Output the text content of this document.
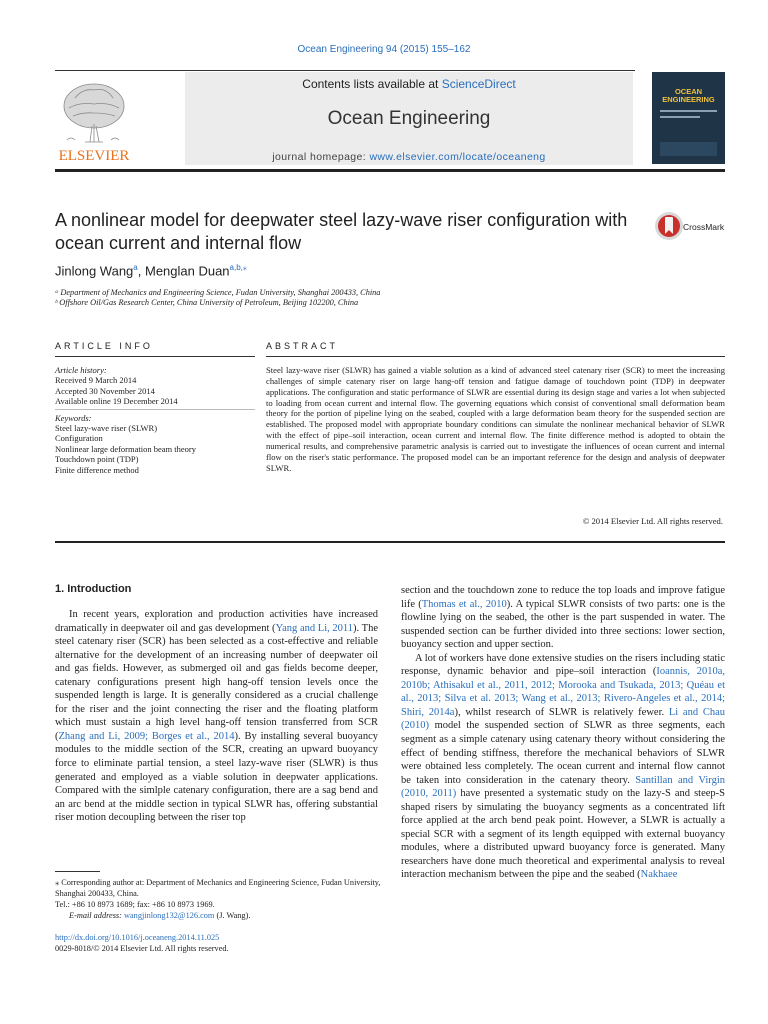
Ocean Engineering 94 (2015) 155–162
ELSEVIER
Contents lists available at ScienceDirect
Ocean Engineering
journal homepage: www.elsevier.com/locate/oceaneng
OCEAN
ENGINEERING
A nonlinear model for deepwater steel lazy-wave riser configuration with ocean current and internal flow
CrossMark
Jinlong Wang$^a$, Menglan Duan$^{a,b,⁎}$
ᵃ Department of Mechanics and Engineering Science, Fudan University, Shanghai 200433, China
ᵇ Offshore Oil/Gas Research Center, China University of Petroleum, Beijing 102200, China
ARTICLE INFO
Article history:
Received 9 March 2014
Accepted 30 November 2014
Available online 19 December 2014
Keywords:
Steel lazy-wave riser (SLWR)
Configuration
Nonlinear large deformation beam theory
Touchdown point (TDP)
Finite difference method
ABSTRACT
Steel lazy-wave riser (SLWR) has gained a viable solution as a kind of advanced steel catenary riser (SCR) to meet the increasing challenges of simple catenary riser on large hang-off tension and fatigue damage of touchdown point (TDP) in deepwater applications. The configuration and static performance of SLWR are essential during its design stage and varies a lot when subjected to loading from ocean current and internal flow. The governing equations which consist of conventional small deformation beam theory for the portion of pipeline lying on the seabed, coupled with a large deformation beam theory for the suspended section are established. The proposed model with appropriate boundary conditions can simulate the nonlinear mechanical behavior of SLWR with the effect of pipe–soil interaction, ocean current and internal flow. The finite difference method is adopted to obtain the numerical results, and comprehensive parametric analysis is carried out to investigate the influences of ocean current and internal flow on the riser's static performance. The proposed model can be an important reference for the design and analysis of deepwater SLWR.
© 2014 Elsevier Ltd. All rights reserved.
1. Introduction

In recent years, exploration and production activities have increased dramatically in deepwater oil and gas development (Yang and Li, 2011). The steel catenary riser (SCR) has been selected as a cost-effective and reliable alternative for the development of an increasing number of deepwater oil and gas fields. However, as submerged oil and gas fields become deeper, catenary configurations present high hang-off tension levels once the suspended length is large. It is generally considered as a crucial challenge for the riser and the joint connecting the riser and the floating platform which must sustain a high level hang-off tension transferred from SCR (Zhang and Li, 2009; Borges et al., 2014). By installing several buoyancy modules to the middle section of the SCR, creating an upward buoyancy force to eliminate partial tension, a steel lazy-wave riser (SLWR) is thus generated and employed as a viable solution in deepwater applications. Compared with the simlple catenary configuration, there are a sag bend and an arc bend at the middle section in typical SLWR has, offering substantial riser motion decoupling between the riser top

section and the touchdown zone to reduce the top loads and improve fatigue life (Thomas et al., 2010). A typical SLWR consists of two parts: one is the flowline lying on the seabed, the other is the part suspended in water. The suspended section can be further divided into three sections: lower section, buoyancy section and upper section.

A lot of workers have done extensive studies on the risers including static response, dynamic behavior and pipe–soil interaction (Ioannis, 2010a, 2010b; Athisakul et al., 2011, 2012; Morooka and Tsukada, 2013; Quéau et al., 2013; Silva et al. 2013; Wang et al., 2013; Rivero-Angeles et al., 2014; Shiri, 2014a), whilst research of SLWR is relatively fewer. Li and Chau (2010) model the suspended section of SLWR as three segments, each segment as a simple catenary using catenary theory without considering the effect of bending stiffness, therefore the mechanical behaviors of SLWR were obtained less completely. The ocean current and internal flow cannot be taken into consideration in the catenary theory. Santillan and Virgin (2010, 2011) have presented a systematic study on the lazy-S and steep-S shaped risers by simulating the buoyancy segments as a concentrated lift force applied at the arch bend peak point. However, a SLWR is actually a special SCR with a segment of its length equipped with external buoyancy modules, where a distributed upward buoyancy force is generated. Many researchers have done much theoretical and experimental analysis to reveal interaction mechanism between the pipe and the seabed (Nakhaee

⁎ Corresponding author at: Department of Mechanics and Engineering Science, Fudan University, Shanghai 200433, China.
Tel.: +86 10 8973 1689; fax: +86 10 8973 1969.
E-mail address: wangjinlong132@126.com (J. Wang).
http://dx.doi.org/10.1016/j.oceaneng.2014.11.025
0029-8018/© 2014 Elsevier Ltd. All rights reserved.
